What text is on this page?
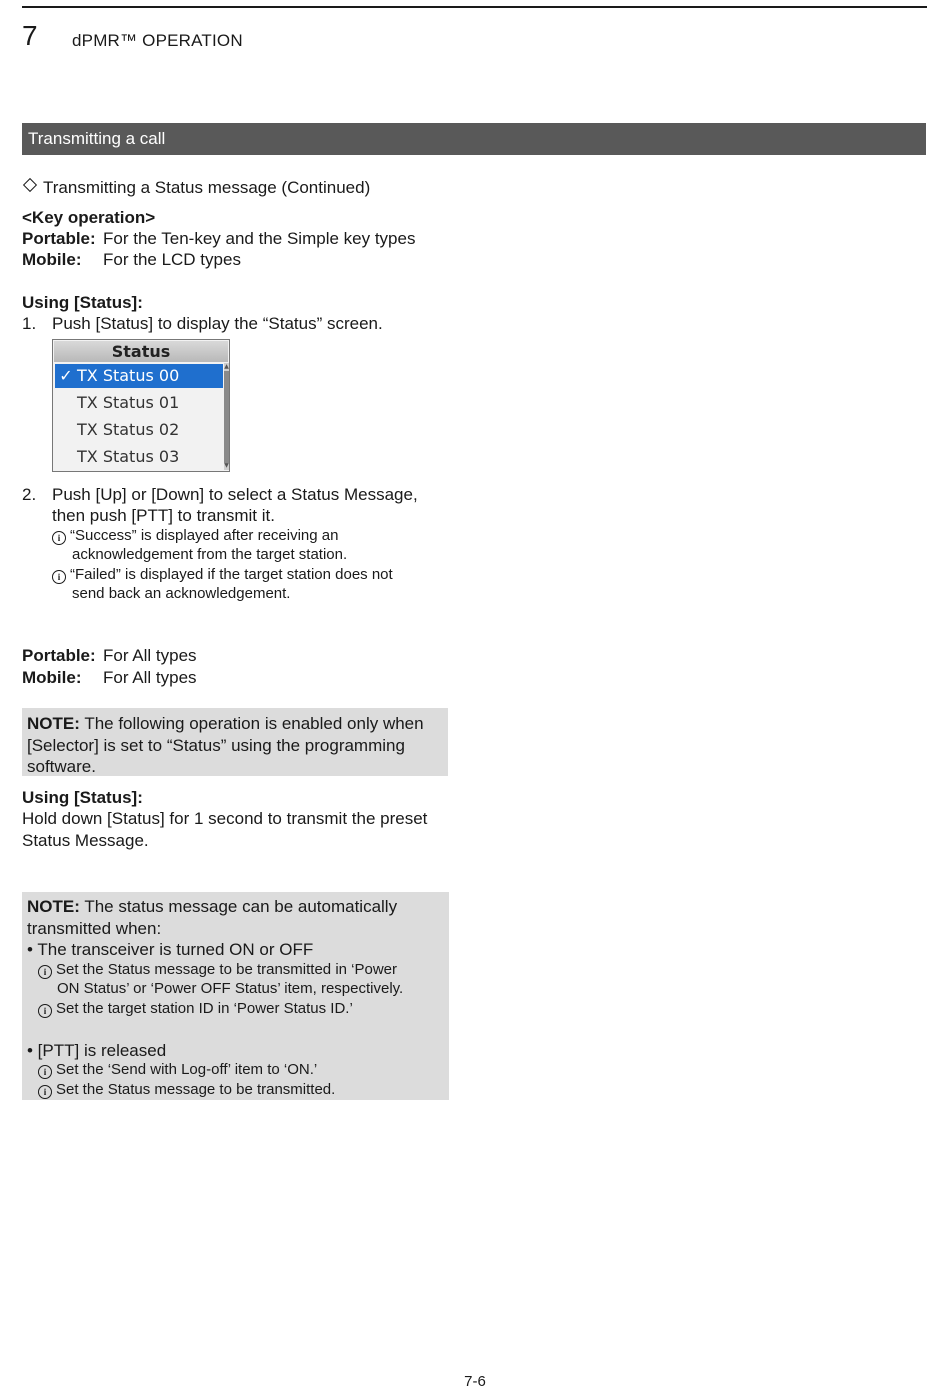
7 dPMR™ OPERATION
Transmitting a call
Transmitting a Status message (Continued)
<Key operation>
Portable: For the Ten-key and the Simple key types
Mobile: For the LCD types
Using [Status]:
1. Push [Status] to display the “Status” screen.
Status
✓ TX Status 00
TX Status 01
TX Status 02
TX Status 03
▲
▼
2. Push [Up] or [Down] to select a Status Message,
then push [PTT] to transmit it.
i “Success” is displayed after receiving an
acknowledgement from the target station.
i “Failed” is displayed if the target station does not
send back an acknowledgement.
Portable: For All types
Mobile: For All types
NOTE: The following operation is enabled only when
[Selector] is set to “Status” using the programming
software.
Using [Status]:
Hold down [Status] for 1 second to transmit the preset
Status Message.
NOTE: The status message can be automatically
transmitted when:
• The transceiver is turned ON or OFF
i Set the Status message to be transmitted in ‘Power
ON Status’ or ‘Power OFF Status’ item, respectively.
i Set the target station ID in ‘Power Status ID.’
• [PTT] is released
i Set the ‘Send with Log-off’ item to ‘ON.’
i Set the Status message to be transmitted.
7-6
